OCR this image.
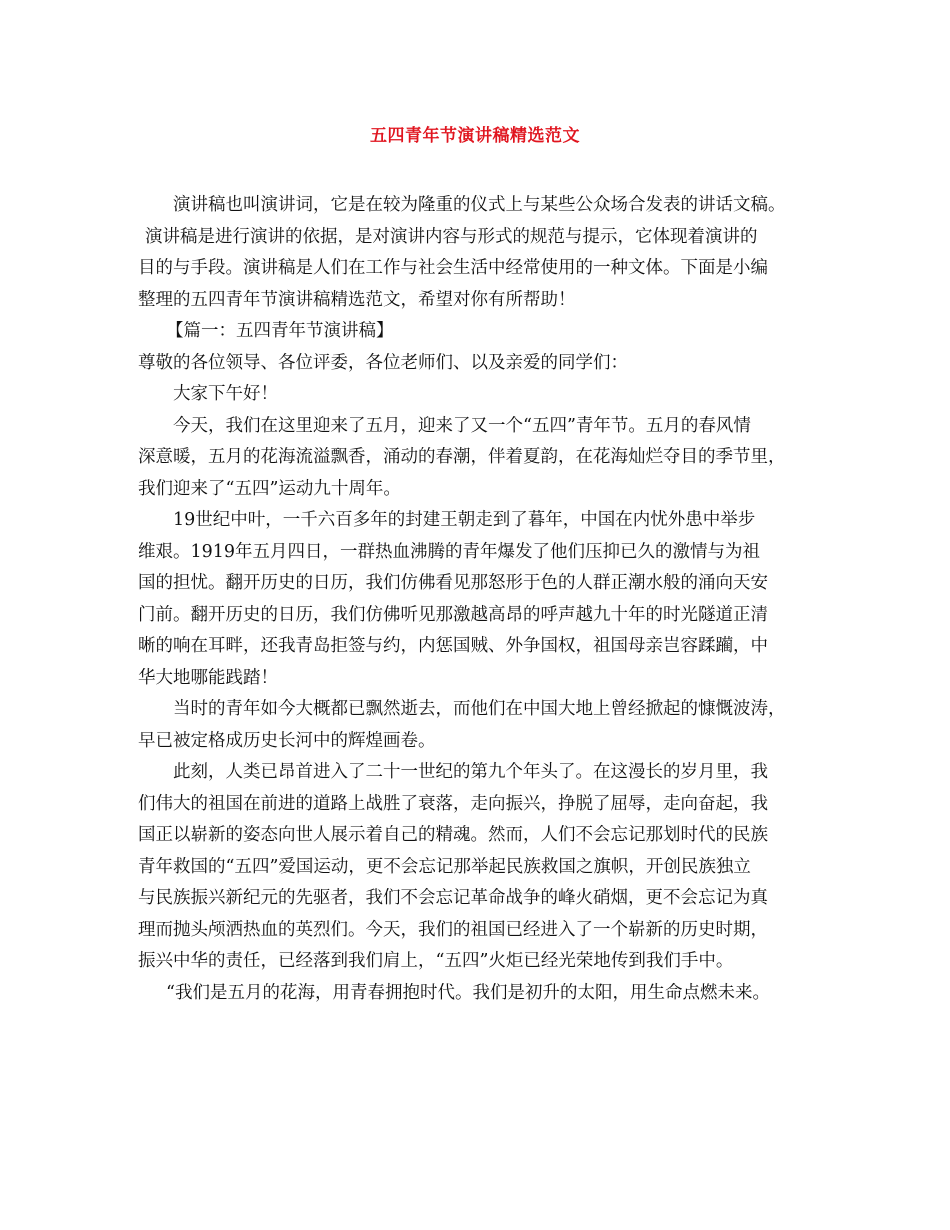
五四青年节演讲稿精选范文
演讲稿也叫演讲词，它是在较为隆重的仪式上与某些公众场合发表的讲话文稿。
演讲稿是进行演讲的依据，是对演讲内容与形式的规范与提示，它体现着演讲的
目的与手段。演讲稿是人们在工作与社会生活中经常使用的一种文体。下面是小编
整理的五四青年节演讲稿精选范文，希望对你有所帮助！
【篇一：五四青年节演讲稿】
尊敬的各位领导、各位评委，各位老师们、以及亲爱的同学们：
大家下午好！
今天，我们在这里迎来了五月，迎来了又一个“五四”青年节。五月的春风情
深意暖，五月的花海流溢飘香，涌动的春潮，伴着夏韵，在花海灿烂夺目的季节里，
我们迎来了“五四”运动九十周年。
19世纪中叶，一千六百多年的封建王朝走到了暮年，中国在内忧外患中举步
维艰。1919年五月四日，一群热血沸腾的青年爆发了他们压抑已久的激情与为祖
国的担忧。翻开历史的日历，我们仿佛看见那怒形于色的人群正潮水般的涌向天安
门前。翻开历史的日历，我们仿佛听见那激越高昂的呼声越九十年的时光隧道正清
晰的响在耳畔，还我青岛拒签与约，内惩国贼、外争国权，祖国母亲岂容蹂躏，中
华大地哪能践踏！
当时的青年如今大概都已飘然逝去，而他们在中国大地上曾经掀起的慷慨波涛，
早已被定格成历史长河中的辉煌画卷。
此刻，人类已昂首进入了二十一世纪的第九个年头了。在这漫长的岁月里，我
们伟大的祖国在前进的道路上战胜了衰落，走向振兴，挣脱了屈辱，走向奋起，我
国正以崭新的姿态向世人展示着自己的精魂。然而，人们不会忘记那划时代的民族
青年救国的“五四”爱国运动，更不会忘记那举起民族救国之旗帜，开创民族独立
与民族振兴新纪元的先驱者，我们不会忘记革命战争的峰火硝烟，更不会忘记为真
理而抛头颅洒热血的英烈们。今天，我们的祖国已经进入了一个崭新的历史时期，
振兴中华的责任，已经落到我们肩上，“五四”火炬已经光荣地传到我们手中。
“我们是五月的花海，用青春拥抱时代。我们是初升的太阳，用生命点燃未来。
